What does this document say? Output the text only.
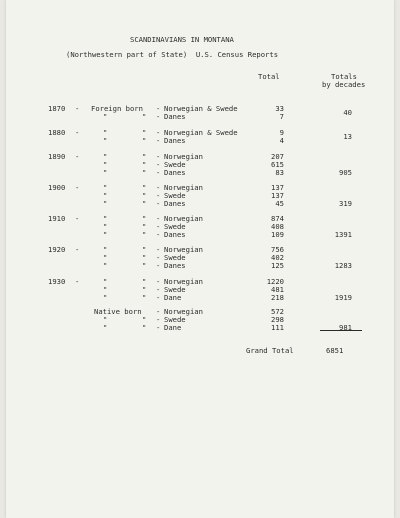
SCANDINAVIANS IN MONTANA
(Northwestern part of State)  U.S. Census Reports
Total	Totals
by decades
1870 - Foreign born - Norwegian & Swede	33
"        " - Danes	7	40
1880 -	"        " - Norwegian & Swede	9
"        " - Danes	4	13
1890 -	"        " - Norwegian	207
"        " - Swede	615
"        " - Danes	83	905
1900 -	"        " - Norwegian	137
"        " - Swede	137
"        " - Danes	45	319
1910 -	"        " - Norwegian	874
"        " - Swede	408
"        " - Danes	109	1391
1920 -	"        " - Norwegian	756
"        " - Swede	402
"        " - Danes	125	1283
1930 -	"        " - Norwegian	1220
"        " - Swede	481
"        " - Dane	218	1919
Native born - Norwegian	572
"        " - Swede	298
"        " - Dane	111	981
Grand Total	6851
